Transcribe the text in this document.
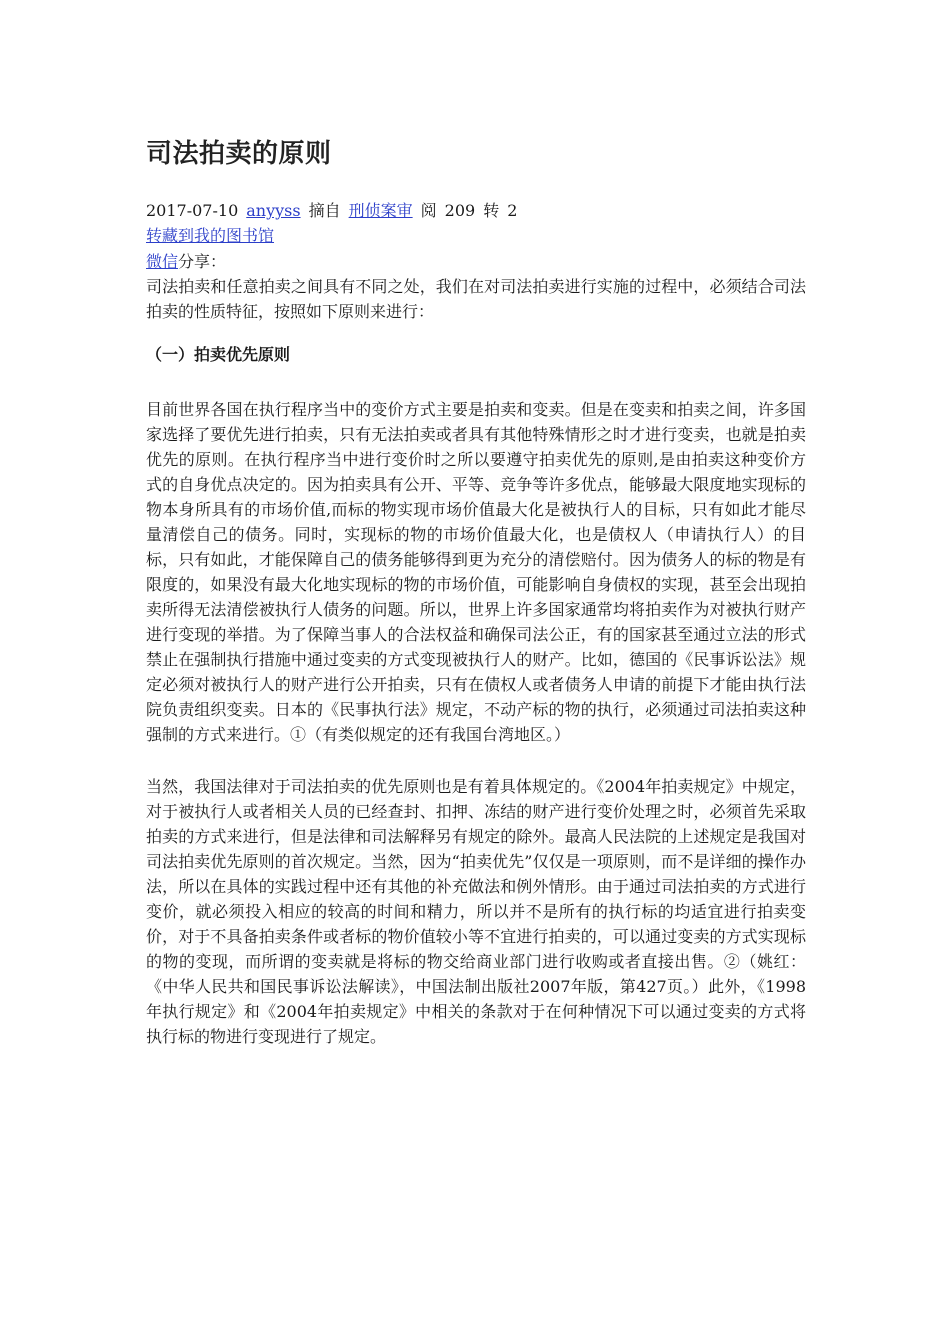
司法拍卖的原则
2017-07-10 anyyss 摘自 刑侦案审 阅 209 转 2
转藏到我的图书馆
微信分享：

司法拍卖和任意拍卖之间具有不同之处，我们在对司法拍卖进行实施的过程中，必须结合司法拍卖的性质特征，按照如下原则来进行：

（一）拍卖优先原则

目前世界各国在执行程序当中的变价方式主要是拍卖和变卖。但是在变卖和拍卖之间，许多国家选择了要优先进行拍卖，只有无法拍卖或者具有其他特殊情形之时才进行变卖，也就是拍卖优先的原则。在执行程序当中进行变价时之所以要遵守拍卖优先的原则,是由拍卖这种变价方式的自身优点决定的。因为拍卖具有公开、平等、竞争等许多优点，能够最大限度地实现标的物本身所具有的市场价值,而标的物实现市场价值最大化是被执行人的目标，只有如此才能尽量清偿自己的债务。同时，实现标的物的市场价值最大化，也是债权人（申请执行人）的目标，只有如此，才能保障自己的债务能够得到更为充分的清偿赔付。因为债务人的标的物是有限度的，如果没有最大化地实现标的物的市场价值，可能影响自身债权的实现，甚至会出现拍卖所得无法清偿被执行人债务的问题。所以，世界上许多国家通常均将拍卖作为对被执行财产进行变现的举措。为了保障当事人的合法权益和确保司法公正，有的国家甚至通过立法的形式禁止在强制执行措施中通过变卖的方式变现被执行人的财产。比如，德国的《民事诉讼法》规定必须对被执行人的财产进行公开拍卖，只有在债权人或者债务人申请的前提下才能由执行法院负责组织变卖。日本的《民事执行法》规定，不动产标的物的执行，必须通过司法拍卖这种强制的方式来进行。①（有类似规定的还有我国台湾地区。）

当然，我国法律对于司法拍卖的优先原则也是有着具体规定的。《2004年拍卖规定》中规定，对于被执行人或者相关人员的已经查封、扣押、冻结的财产进行变价处理之时，必须首先采取拍卖的方式来进行，但是法律和司法解释另有规定的除外。最高人民法院的上述规定是我国对司法拍卖优先原则的首次规定。当然，因为“拍卖优先”仅仅是一项原则，而不是详细的操作办法，所以在具体的实践过程中还有其他的补充做法和例外情形。由于通过司法拍卖的方式进行变价，就必须投入相应的较高的时间和精力，所以并不是所有的执行标的均适宜进行拍卖变价，对于不具备拍卖条件或者标的物价值较小等不宜进行拍卖的，可以通过变卖的方式实现标的物的变现，而所谓的变卖就是将标的物交给商业部门进行收购或者直接出售。②（姚红：《中华人民共和国民事诉讼法解读》，中国法制出版社2007年版，第427页。）此外，《1998年执行规定》和《2004年拍卖规定》中相关的条款对于在何种情况下可以通过变卖的方式将执行标的物进行变现进行了规定。
